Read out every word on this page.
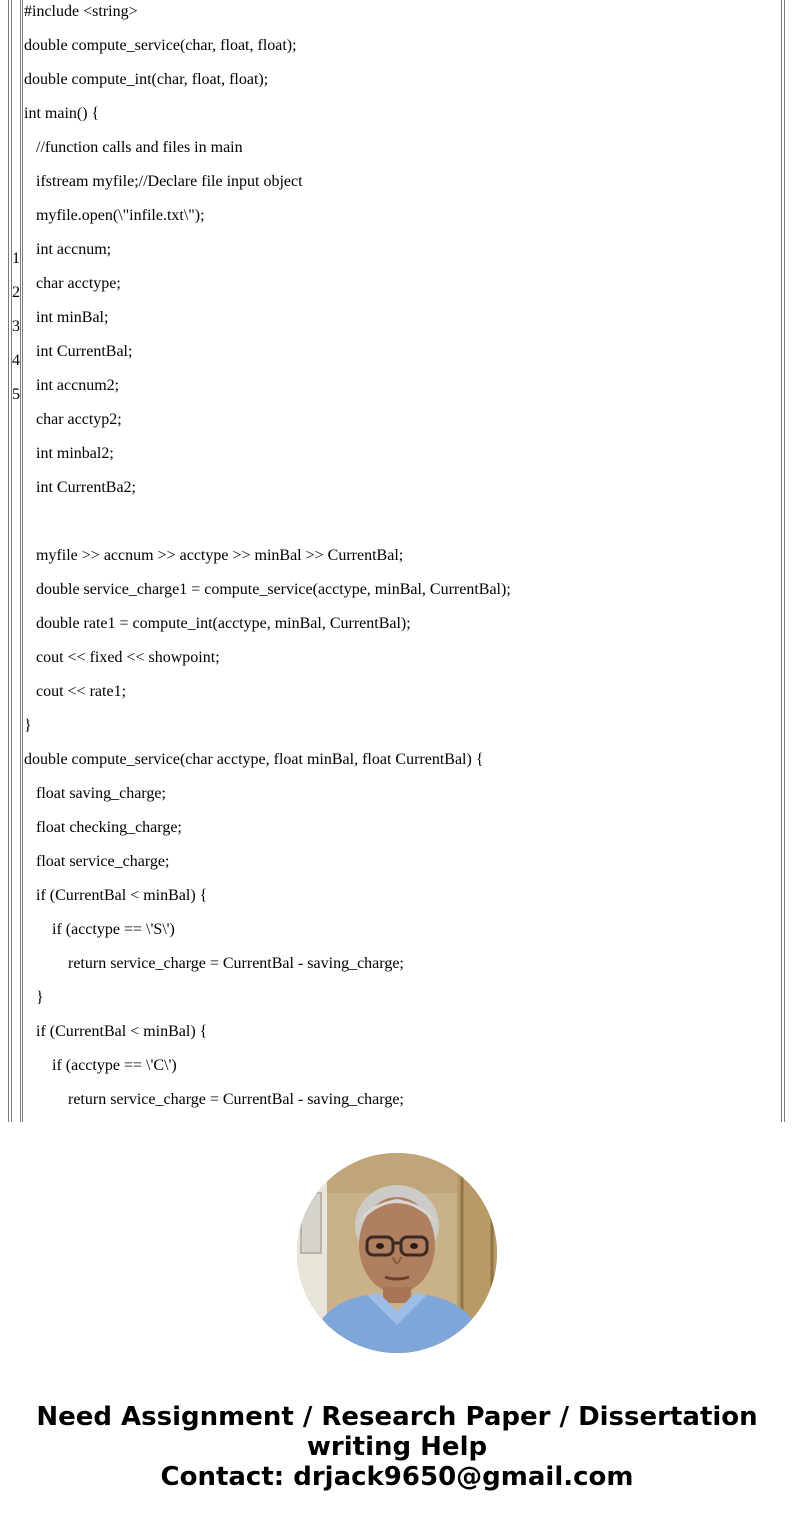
1
2
3
4
5
#include <string>
double compute_service(char, float, float);
double compute_int(char, float, float);
int main() {
//function calls and files in main
ifstream myfile;//Declare file input object
myfile.open(\"infile.txt\");
int accnum;
char acctype;
int minBal;
int CurrentBal;
int accnum2;
char acctyp2;
int minbal2;
int CurrentBa2;
myfile >> accnum >> acctype >> minBal >> CurrentBal;
double service_charge1 = compute_service(acctype, minBal, CurrentBal);
double rate1 = compute_int(acctype, minBal, CurrentBal);
cout << fixed << showpoint;
cout << rate1;
}
double compute_service(char acctype, float minBal, float CurrentBal) {
float saving_charge;
float checking_charge;
float service_charge;
if (CurrentBal < minBal) {
if (acctype == \'S\')
return service_charge = CurrentBal - saving_charge;
}
if (CurrentBal < minBal) {
if (acctype == \'C\')
return service_charge = CurrentBal - saving_charge;
Need Assignment / Research Paper / Dissertation
writing Help
Contact: drjack9650@gmail.com
